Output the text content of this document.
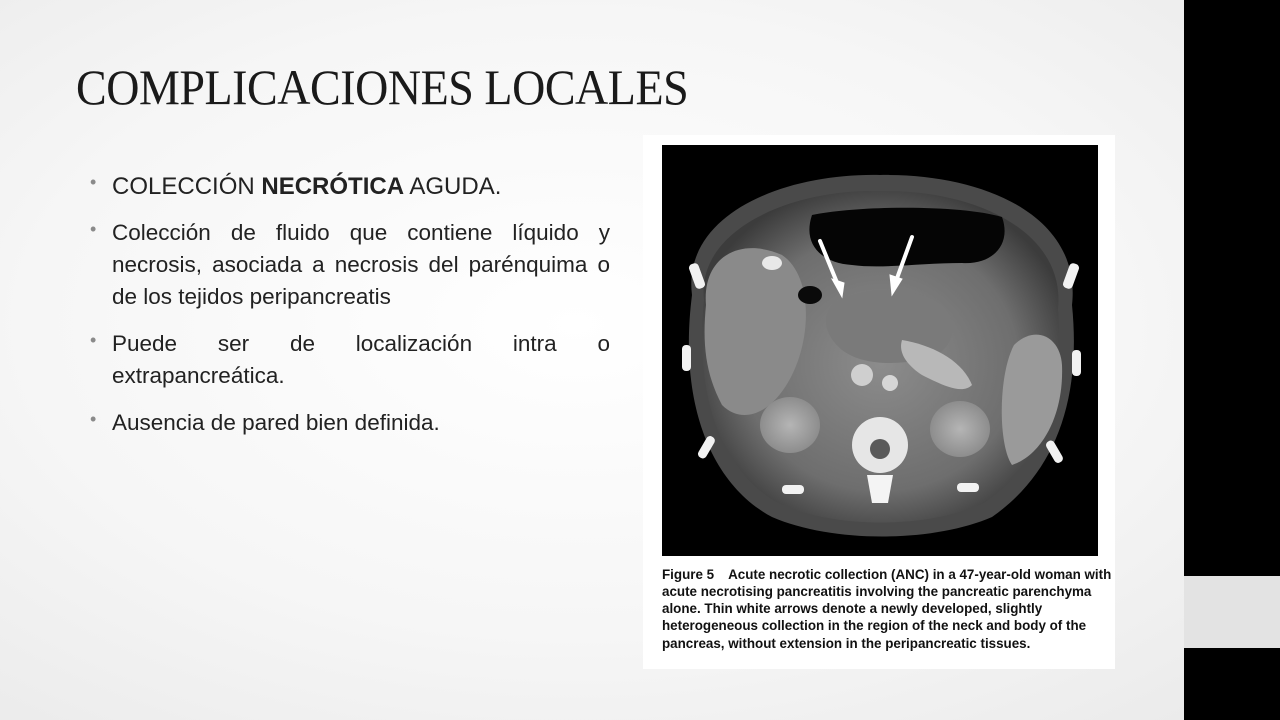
COMPLICACIONES LOCALES
• COLECCIÓN NECRÓTICA AGUDA.
• Colección de fluido que contiene líquido y necrosis, asociada a necrosis del parénquima o de los tejidos peripancreatis
• Puede ser de localización intra o extrapancreática.
• Ausencia de pared bien definida.
Figure 5 Acute necrotic collection (ANC) in a 47-year-old woman with acute necrotising pancreatitis involving the pancreatic parenchyma alone. Thin white arrows denote a newly developed, slightly heterogeneous collection in the region of the neck and body of the pancreas, without extension in the peripancreatic tissues.
